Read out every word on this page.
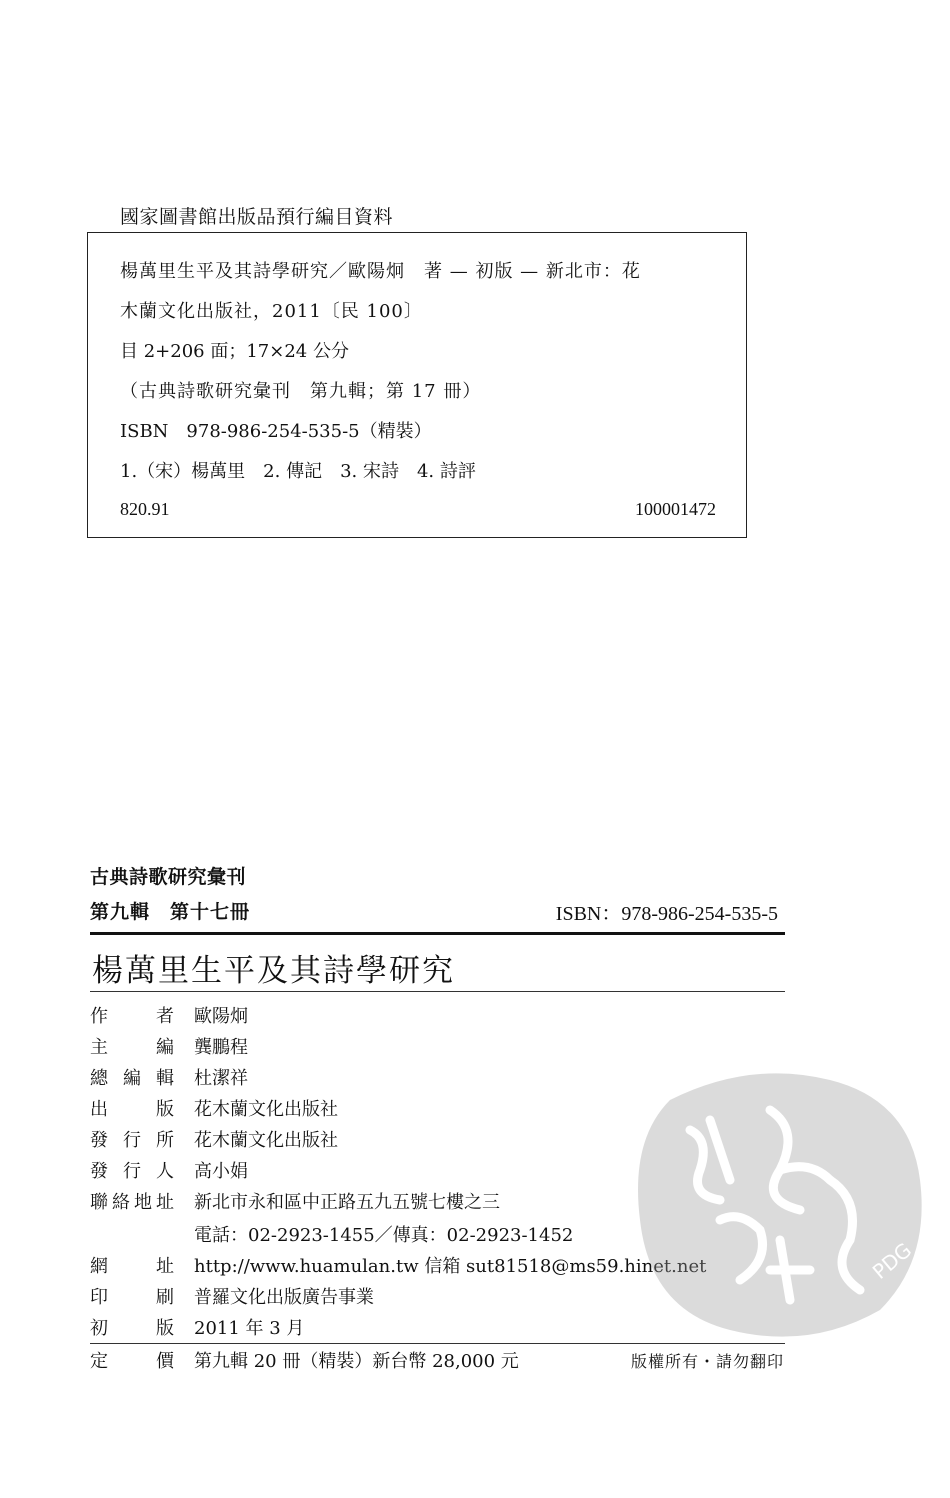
國家圖書館出版品預行編目資料
楊萬里生平及其詩學研究／歐陽炯　著 — 初版 — 新北市：花
木蘭文化出版社，2011〔民 100〕
目 2+206 面；17×24 公分
（古典詩歌研究彙刊　第九輯；第 17 冊）
ISBN　978-986-254-535-5（精裝）
1.（宋）楊萬里　2. 傳記　3. 宋詩　4. 詩評
820.91	100001472
古典詩歌研究彙刊
第九輯　第十七冊	ISBN：978-986-254-535-5
楊萬里生平及其詩學研究
作者 歐陽炯
主編 龔鵬程
總編輯 杜潔祥
出版 花木蘭文化出版社
發行所 花木蘭文化出版社
發行人 高小娟
聯絡地址 新北市永和區中正路五九五號七樓之三
電話：02-2923-1455／傳真：02-2923-1452
網址 http://www.huamulan.tw 信箱 sut81518@ms59.hinet.net
印刷 普羅文化出版廣告事業
初版 2011 年 3 月
定價 第九輯 20 冊（精裝）新台幣 28,000 元	版權所有・請勿翻印
PDG
